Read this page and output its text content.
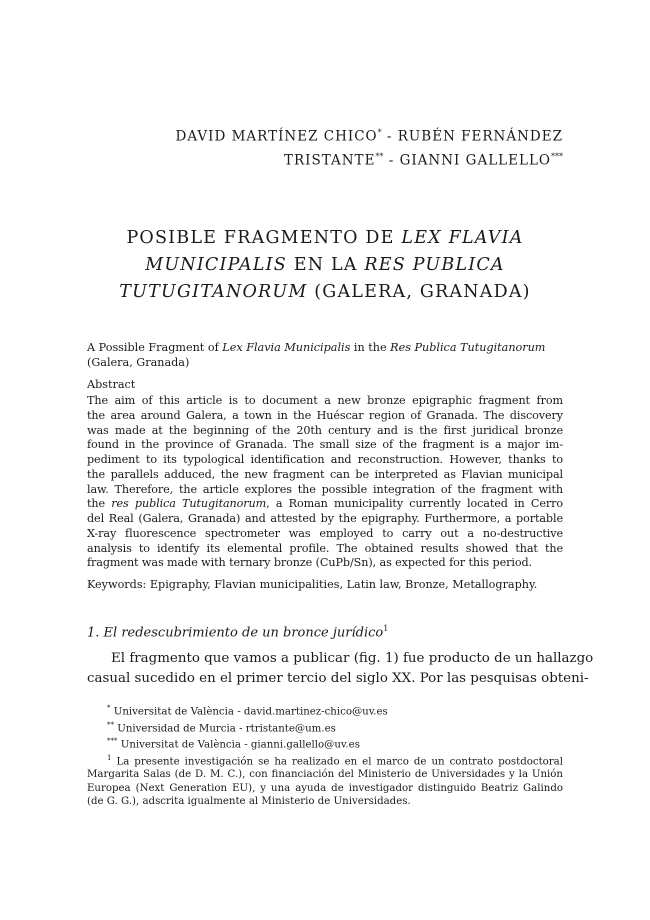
DAVID MARTÍNEZ CHICO* - RUBÉN FERNÁNDEZ
TRISTANTE** - GIANNI GALLELLO***
POSIBLE FRAGMENTO DE LEX FLAVIA
MUNICIPALIS EN LA RES PUBLICA
TUTUGITANORUM (GALERA, GRANADA)
A Possible Fragment of Lex Flavia Municipalis in the Res Publica Tutugitanorum
(Galera, Granada)
Abstract
The aim of this article is to document a new bronze epigraphic fragment from
the area around Galera, a town in the Huéscar region of Granada. The discovery
was made at the beginning of the 20th century and is the first juridical bronze
found in the province of Granada. The small size of the fragment is a major im-
pediment to its typological identification and reconstruction. However, thanks to
the parallels adduced, the new fragment can be interpreted as Flavian municipal
law. Therefore, the article explores the possible integration of the fragment with
the res publica Tutugitanorum, a Roman municipality currently located in Cerro
del Real (Galera, Granada) and attested by the epigraphy. Furthermore, a portable
X-ray fluorescence spectrometer was employed to carry out a no-destructive
analysis to identify its elemental profile. The obtained results showed that the
fragment was made with ternary bronze (CuPb/Sn), as expected for this period.
Keywords: Epigraphy, Flavian municipalities, Latin law, Bronze, Metallography.
1. El redescubrimiento de un bronce jurídico$^1$
El fragmento que vamos a publicar (fig. 1) fue producto de un hallazgo
casual sucedido en el primer tercio del siglo XX. Por las pesquisas obteni-
* Universitat de València - david.martinez-chico@uv.es
** Universidad de Murcia - rtristante@um.es
*** Universitat de València - gianni.gallello@uv.es
$^1$ La presente investigación se ha realizado en el marco de un contrato postdoctoral
Margarita Salas (de D. M. C.), con financiación del Ministerio de Universidades y la Unión
Europea (Next Generation EU), y una ayuda de investigador distinguido Beatriz Galindo
(de G. G.), adscrita igualmente al Ministerio de Universidades.
